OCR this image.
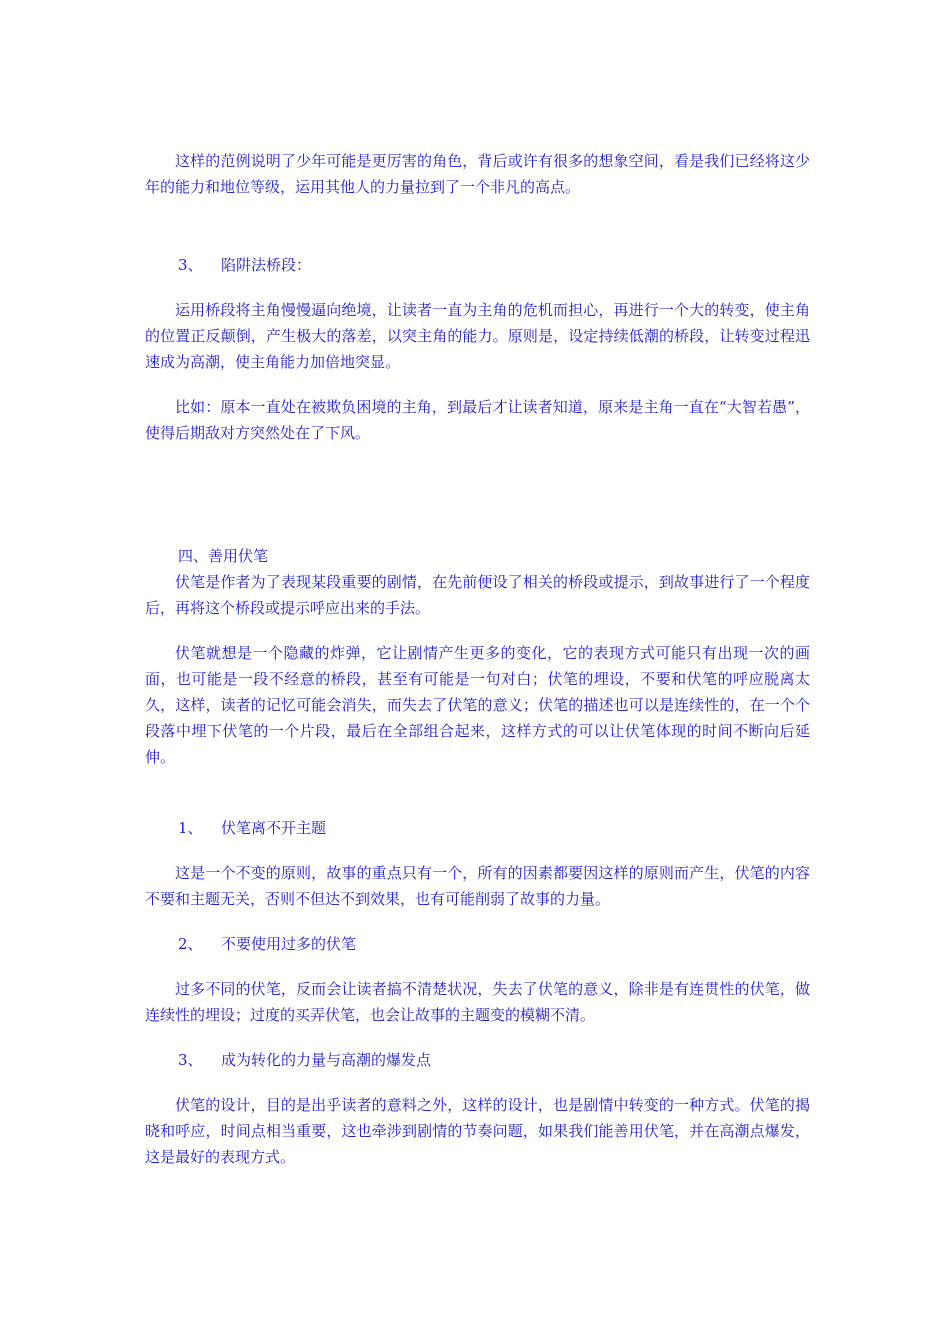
这样的范例说明了少年可能是更厉害的角色，背后或许有很多的想象空间，看是我们已经将这少年的能力和地位等级，运用其他人的力量拉到了一个非凡的高点。

3、 陷阱法桥段：

运用桥段将主角慢慢逼向绝境，让读者一直为主角的危机而担心，再进行一个大的转变，使主角的位置正反颠倒，产生极大的落差，以突主角的能力。原则是，设定持续低潮的桥段，让转变过程迅速成为高潮，使主角能力加倍地突显。

比如：原本一直处在被欺负困境的主角，到最后才让读者知道，原来是主角一直在“大智若愚”，使得后期敌对方突然处在了下风。

四、善用伏笔

伏笔是作者为了表现某段重要的剧情，在先前便设了相关的桥段或提示，到故事进行了一个程度后，再将这个桥段或提示呼应出来的手法。

伏笔就想是一个隐藏的炸弹，它让剧情产生更多的变化，它的表现方式可能只有出现一次的画面，也可能是一段不经意的桥段，甚至有可能是一句对白；伏笔的埋设，不要和伏笔的呼应脱离太久，这样，读者的记忆可能会消失，而失去了伏笔的意义；伏笔的描述也可以是连续性的，在一个个段落中埋下伏笔的一个片段，最后在全部组合起来，这样方式的可以让伏笔体现的时间不断向后延伸。

1、 伏笔离不开主题

这是一个不变的原则，故事的重点只有一个，所有的因素都要因这样的原则而产生，伏笔的内容不要和主题无关，否则不但达不到效果，也有可能削弱了故事的力量。

2、 不要使用过多的伏笔

过多不同的伏笔，反而会让读者搞不清楚状况，失去了伏笔的意义，除非是有连贯性的伏笔，做连续性的埋设；过度的买弄伏笔，也会让故事的主题变的模糊不清。

3、 成为转化的力量与高潮的爆发点

伏笔的设计，目的是出乎读者的意料之外，这样的设计，也是剧情中转变的一种方式。伏笔的揭晓和呼应，时间点相当重要，这也牵涉到剧情的节奏问题，如果我们能善用伏笔，并在高潮点爆发，这是最好的表现方式。
